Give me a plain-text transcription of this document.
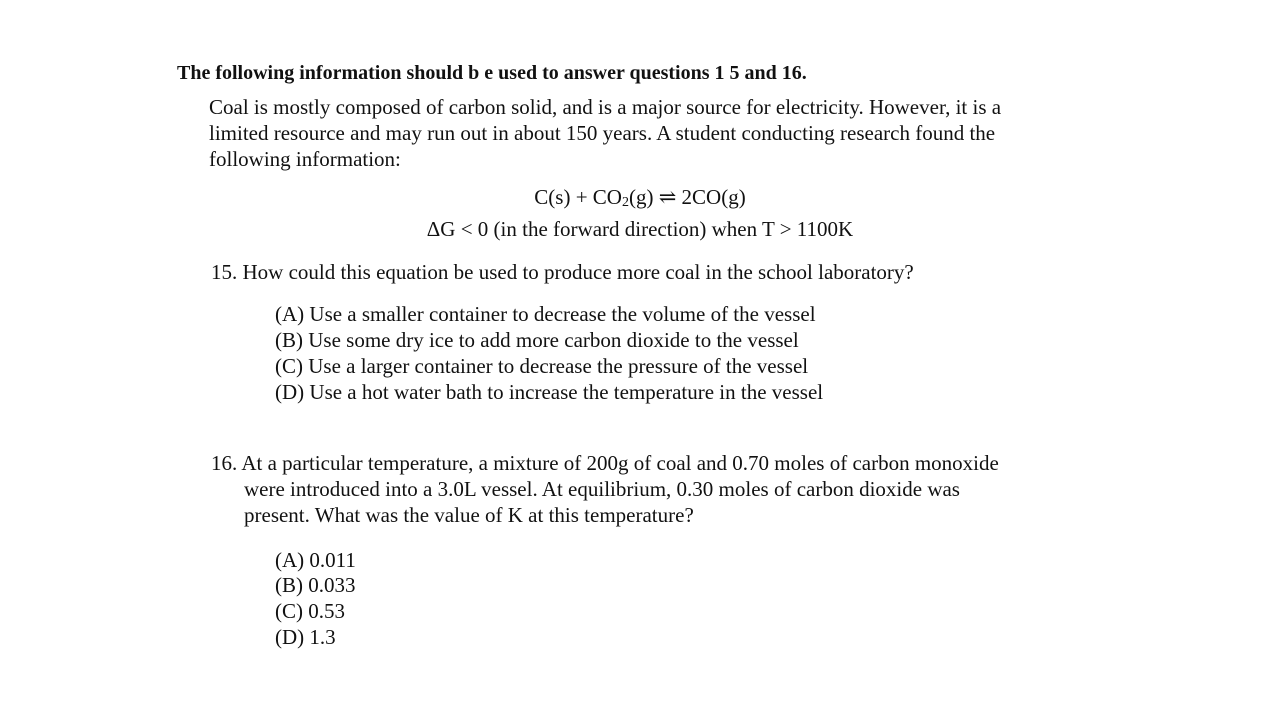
The following information should b e used to answer questions 1 5 and 16.
Coal is mostly composed of carbon solid, and is a major source for electricity. However, it is a
limited resource and may run out in about 150 years. A student conducting research found the
following information:
$C(s) + CO_2(g)$ ⇌ 2CO(g)
ΔG < 0 (in the forward direction) when T > 1100K
15. How could this equation be used to produce more coal in the school laboratory?
(A) Use a smaller container to decrease the volume of the vessel
(B) Use some dry ice to add more carbon dioxide to the vessel
(C) Use a larger container to decrease the pressure of the vessel
(D) Use a hot water bath to increase the temperature in the vessel
16. At a particular temperature, a mixture of 200g of coal and 0.70 moles of carbon monoxide
were introduced into a 3.0L vessel. At equilibrium, 0.30 moles of carbon dioxide was
present. What was the value of K at this temperature?
(A) 0.011
(B) 0.033
(C) 0.53
(D) 1.3
